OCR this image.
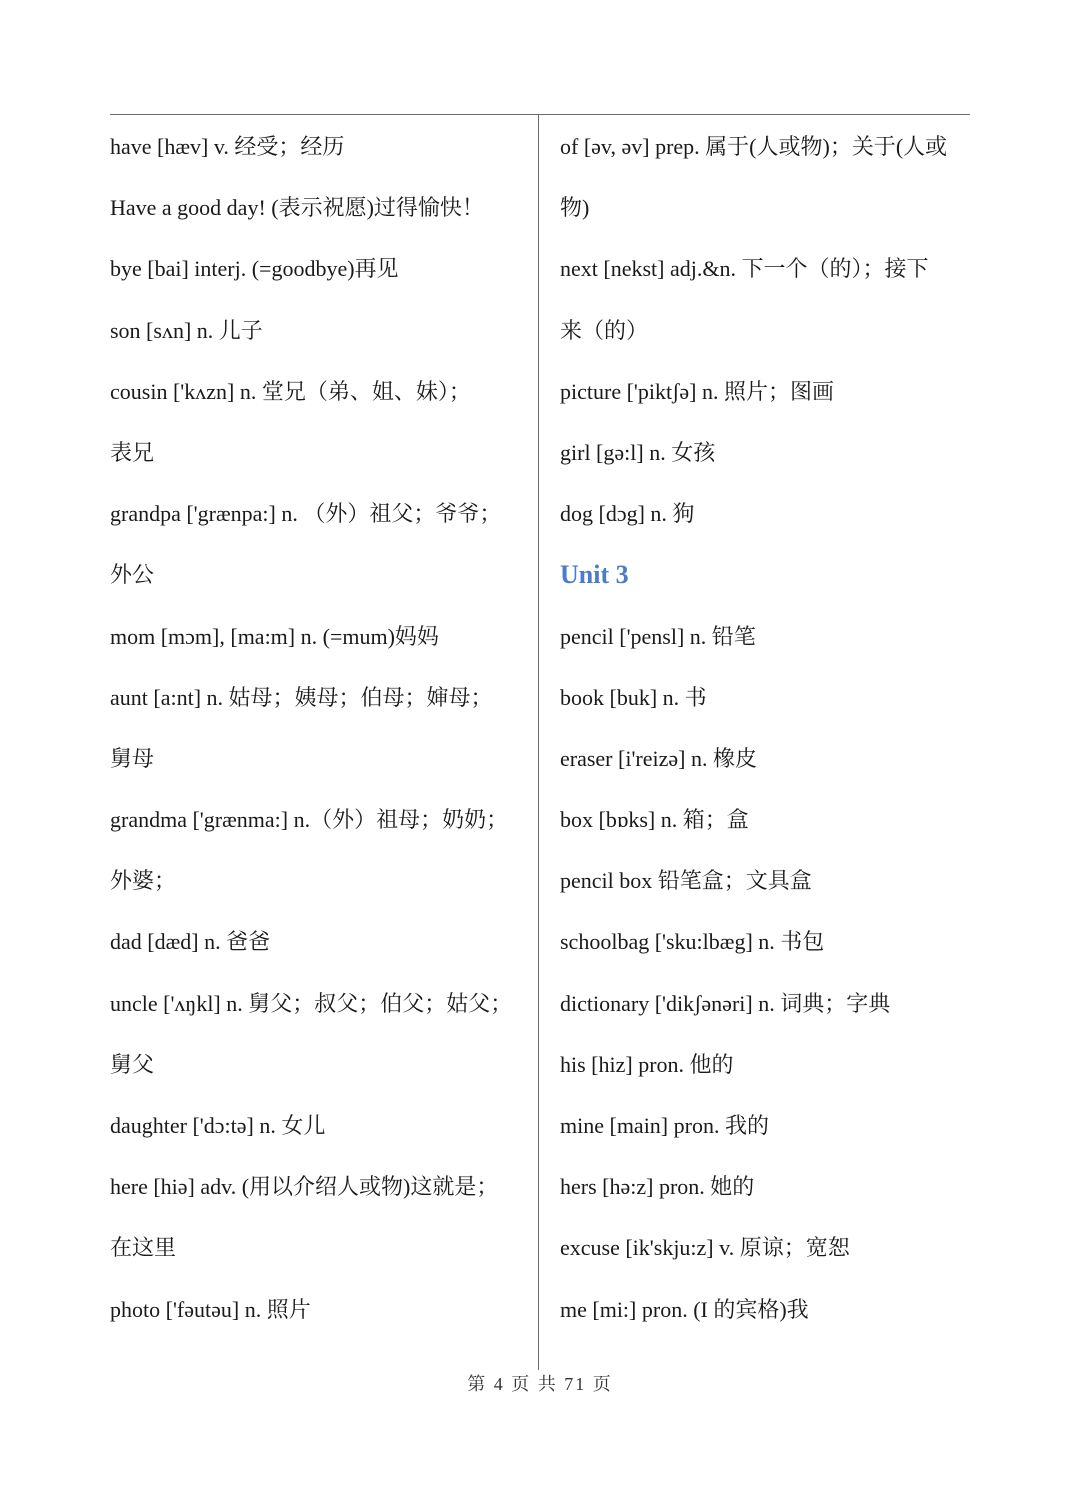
have [hæv] v. 经受；经历
Have a good day! (表示祝愿)过得愉快！
bye [bai] interj. (=goodbye)再见
son [sʌn] n. 儿子
cousin ['kʌzn] n. 堂兄（弟、姐、妹）；
表兄
grandpa ['grænpa:] n. （外）祖父；爷爷；
外公
mom [mɔm], [ma:m] n. (=mum)妈妈
aunt [a:nt] n. 姑母；姨母；伯母；婶母；
舅母
grandma ['grænma:] n.（外）祖母；奶奶；
外婆；
dad [dæd] n. 爸爸
uncle ['ʌŋkl] n. 舅父；叔父；伯父；姑父；
舅父
daughter ['dɔ:tə] n. 女儿
here [hiə] adv. (用以介绍人或物)这就是；
在这里
photo ['fəutəu] n. 照片
of [əv, əv] prep. 属于(人或物)；关于(人或
物)
next [nekst] adj.&n. 下一个（的）；接下
来（的）
picture ['piktʃə] n. 照片；图画
girl [gə:l] n. 女孩
dog [dɔg] n. 狗
Unit 3
pencil ['pensl] n. 铅笔
book [buk] n. 书
eraser [i'reizə] n. 橡皮
box [bɒks] n. 箱；盒
pencil box 铅笔盒；文具盒
schoolbag ['sku:lbæg] n. 书包
dictionary ['dikʃənəri] n. 词典；字典
his [hiz] pron. 他的
mine [main] pron. 我的
hers [hə:z] pron. 她的
excuse [ik'skju:z] v. 原谅；宽恕
me [mi:] pron. (I 的宾格)我
第 4 页 共 71 页
